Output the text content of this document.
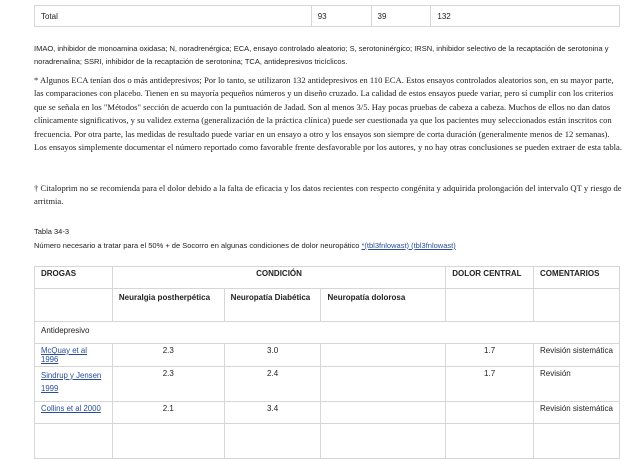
Total	93	39	132
IMAO, inhibidor de monoamina oxidasa; N, noradrenérgica; ECA, ensayo controlado aleatorio; S, serotoninérgico; IRSN, inhibidor selectivo de la recaptación de serotonina y noradrenalina; SSRI, inhibidor de la recaptación de serotonina; TCA, antidepresivos tricíclicos.
* Algunos ECA tenían dos o más antidepresivos; Por lo tanto, se utilizaron 132 antidepresivos en 110 ECA. Estos ensayos controlados aleatorios son, en su mayor parte, las comparaciones con placebo. Tienen en su mayoría pequeños números y un diseño cruzado. La calidad de estos ensayos puede variar, pero sí cumplir con los criterios que se señala en los "Métodos" sección de acuerdo con la puntuación de Jadad. Son al menos 3/5. Hay pocas pruebas de cabeza a cabeza. Muchos de ellos no dan datos clínicamente significativos, y su validez externa (generalización de la práctica clínica) puede ser cuestionada ya que los pacientes muy seleccionados están inscritos con frecuencia. Por otra parte, las medidas de resultado puede variar en un ensayo a otro y los ensayos son siempre de corta duración (generalmente menos de 12 semanas). Los ensayos simplemente documentar el número reportado como favorable frente desfavorable por los autores, y no hay otras conclusiones se pueden extraer de esta tabla.
† Citaloprim no se recomienda para el dolor debido a la falta de eficacia y los datos recientes con respecto congénita y adquirida prolongación del intervalo QT y riesgo de arritmia.
Tabla 34-3
Número necesario a tratar para el 50% + de Socorro en algunas condiciones de dolor neuropático *(tbl3fnlowast) (tbl3fnlowast)
DROGAS	CONDICIÓN			DOLOR CENTRAL	COMENTARIOS
	Neuralgia postherpética	Neuropatía Diabética	Neuropatía dolorosa		
Antidepresivo					
McQuay et al 1996	2.3	3.0		1.7	Revisión sistemática
Sindrup y Jensen 1999	2.3	2.4		1.7	Revisión
Collins et al 2000	2.1	3.4			Revisión sistemática
